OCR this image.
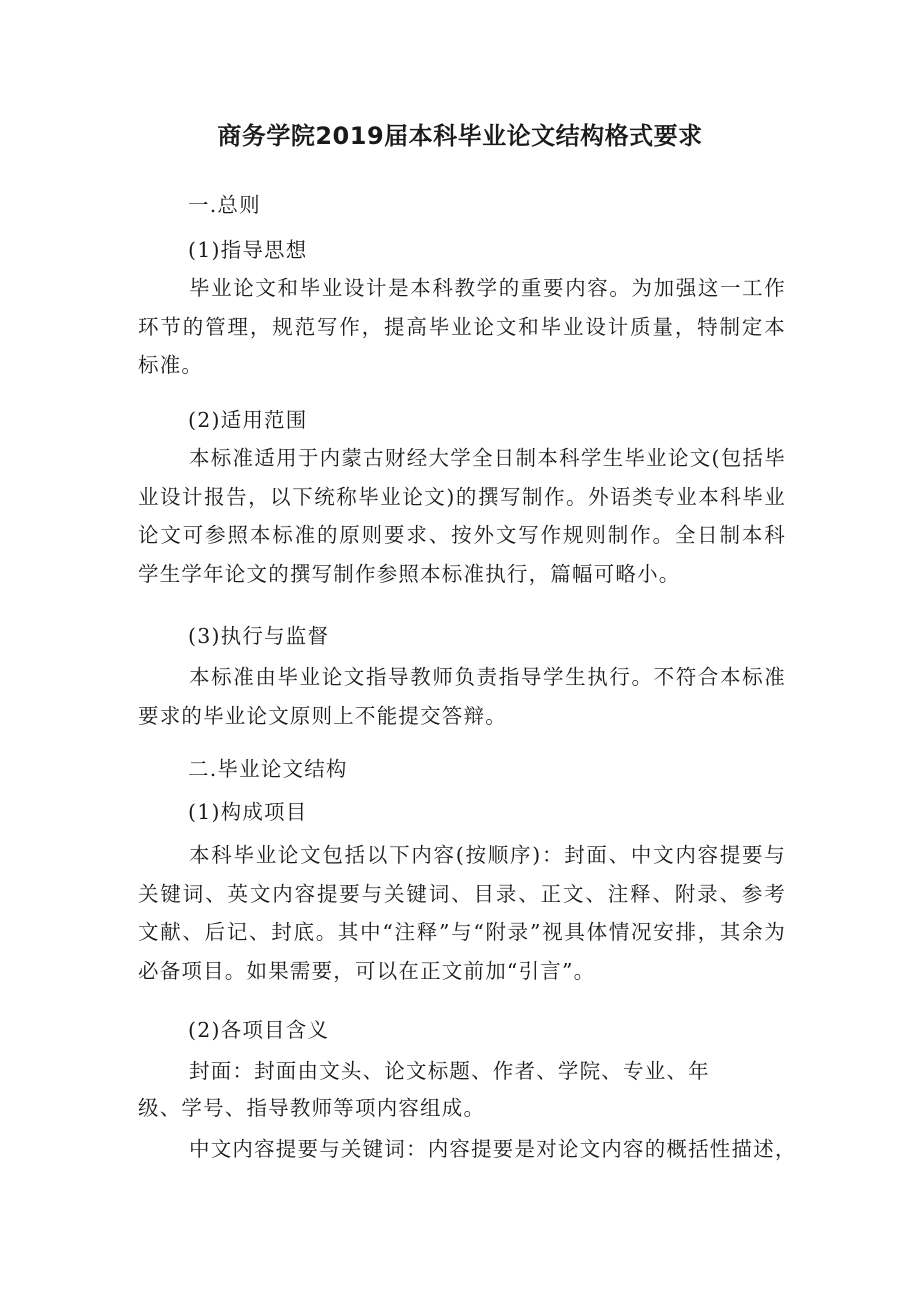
商务学院2019届本科毕业论文结构格式要求
一.总则
(1)指导思想
毕业论文和毕业设计是本科教学的重要内容。为加强这一工作环节的管理，规范写作，提高毕业论文和毕业设计质量，特制定本标准。
(2)适用范围
本标准适用于内蒙古财经大学全日制本科学生毕业论文(包括毕业设计报告，以下统称毕业论文)的撰写制作。外语类专业本科毕业论文可参照本标准的原则要求、按外文写作规则制作。全日制本科学生学年论文的撰写制作参照本标准执行，篇幅可略小。
(3)执行与监督
本标准由毕业论文指导教师负责指导学生执行。不符合本标准要求的毕业论文原则上不能提交答辩。
二.毕业论文结构
(1)构成项目
本科毕业论文包括以下内容(按顺序)：封面、中文内容提要与关键词、英文内容提要与关键词、目录、正文、注释、附录、参考文献、后记、封底。其中“注释”与“附录”视具体情况安排，其余为必备项目。如果需要，可以在正文前加“引言”。
(2)各项目含义
封面：封面由文头、论文标题、作者、学院、专业、年
级、学号、指导教师等项内容组成。
中文内容提要与关键词：内容提要是对论文内容的概括性描述，
